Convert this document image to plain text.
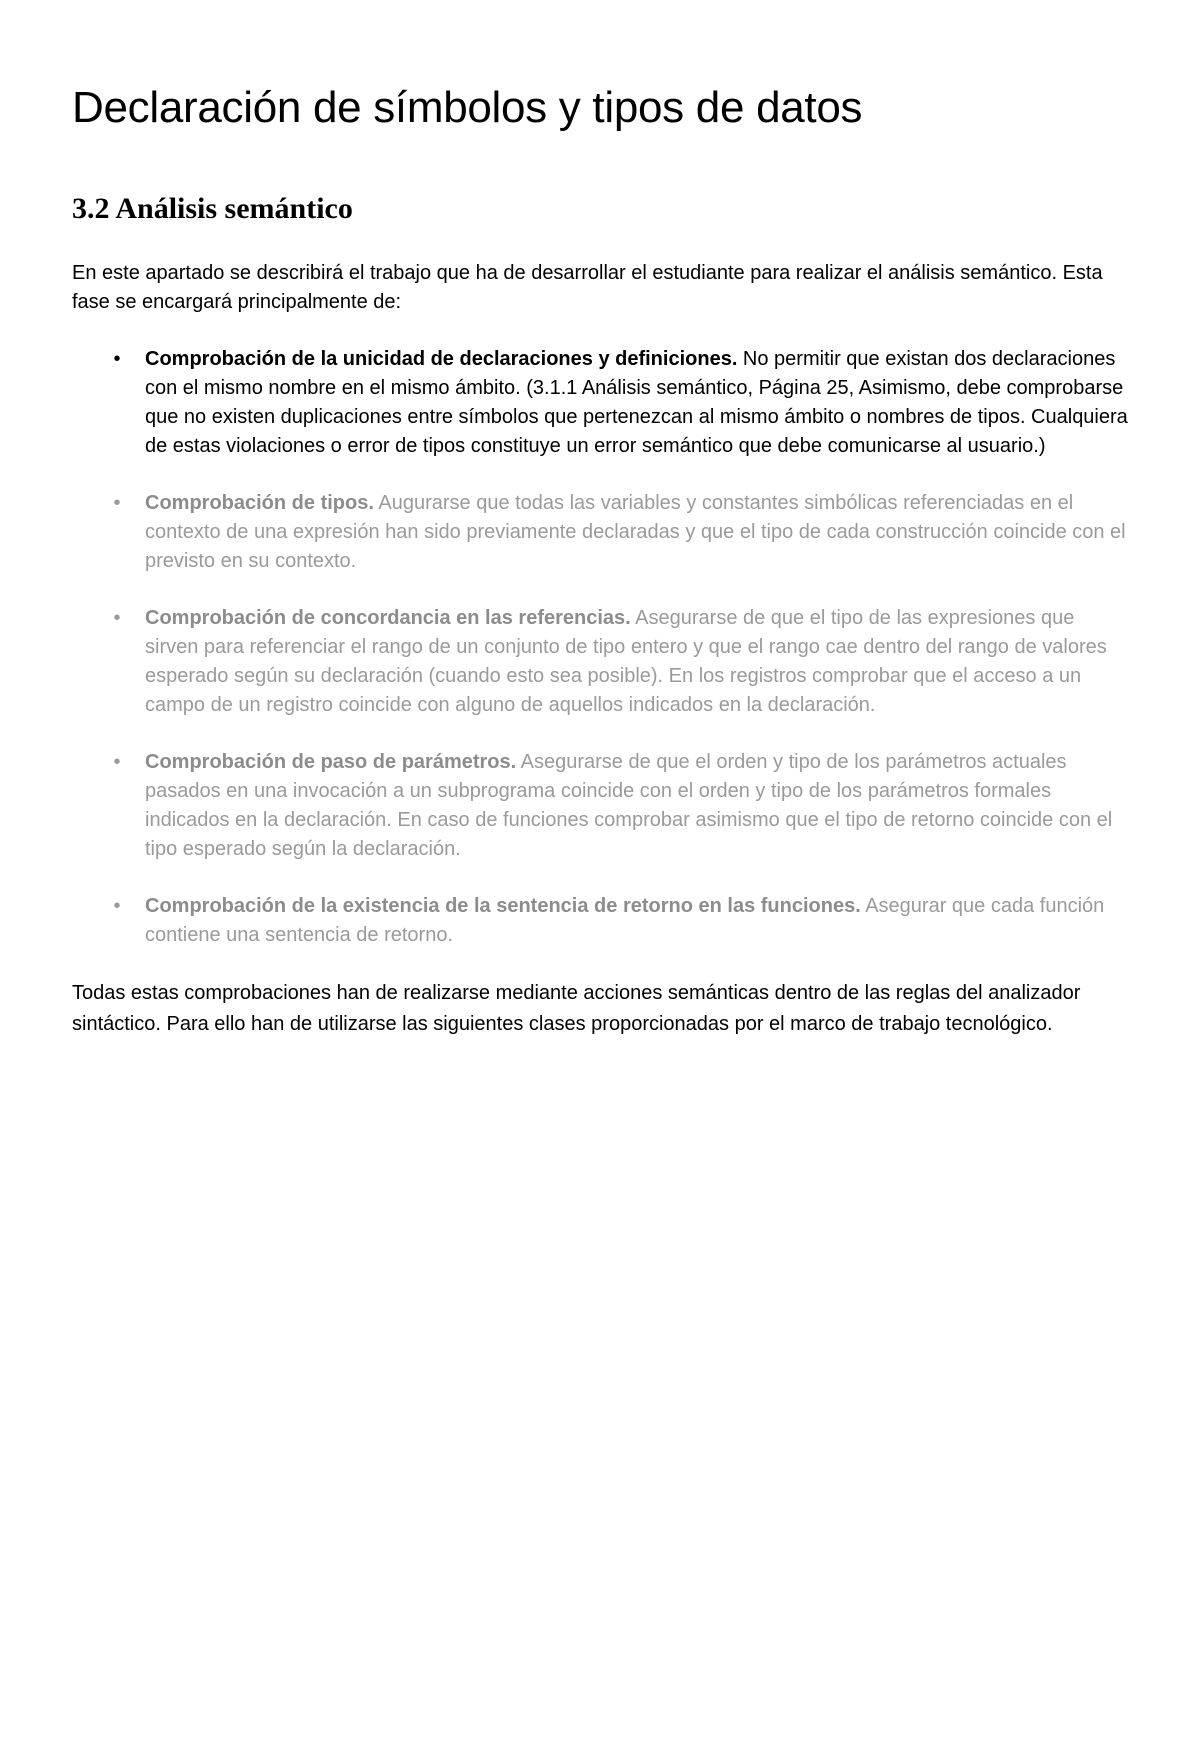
Declaración de símbolos y tipos de datos
3.2 Análisis semántico

En este apartado se describirá el trabajo que ha de desarrollar el estudiante para realizar el análisis semántico. Esta fase se encargará principalmente de:

• Comprobación de la unicidad de declaraciones y definiciones. No permitir que existan dos declaraciones con el mismo nombre en el mismo ámbito. (3.1.1 Análisis semántico, Página 25, Asimismo, debe comprobarse que no existen duplicaciones entre símbolos que pertenezcan al mismo ámbito o nombres de tipos. Cualquiera de estas violaciones o error de tipos constituye un error semántico que debe comunicarse al usuario.)
• Comprobación de tipos. Augurarse que todas las variables y constantes simbólicas referenciadas en el contexto de una expresión han sido previamente declaradas y que el tipo de cada construcción coincide con el previsto en su contexto.
• Comprobación de concordancia en las referencias. Asegurarse de que el tipo de las expresiones que sirven para referenciar el rango de un conjunto de tipo entero y que el rango cae dentro del rango de valores esperado según su declaración (cuando esto sea posible). En los registros comprobar que el acceso a un campo de un registro coincide con alguno de aquellos indicados en la declaración.
• Comprobación de paso de parámetros. Asegurarse de que el orden y tipo de los parámetros actuales pasados en una invocación a un subprograma coincide con el orden y tipo de los parámetros formales indicados en la declaración. En caso de funciones comprobar asimismo que el tipo de retorno coincide con el tipo esperado según la declaración.
• Comprobación de la existencia de la sentencia de retorno en las funciones. Asegurar que cada función contiene una sentencia de retorno.

Todas estas comprobaciones han de realizarse mediante acciones semánticas dentro de las reglas del analizador sintáctico. Para ello han de utilizarse las siguientes clases proporcionadas por el marco de trabajo tecnológico.
